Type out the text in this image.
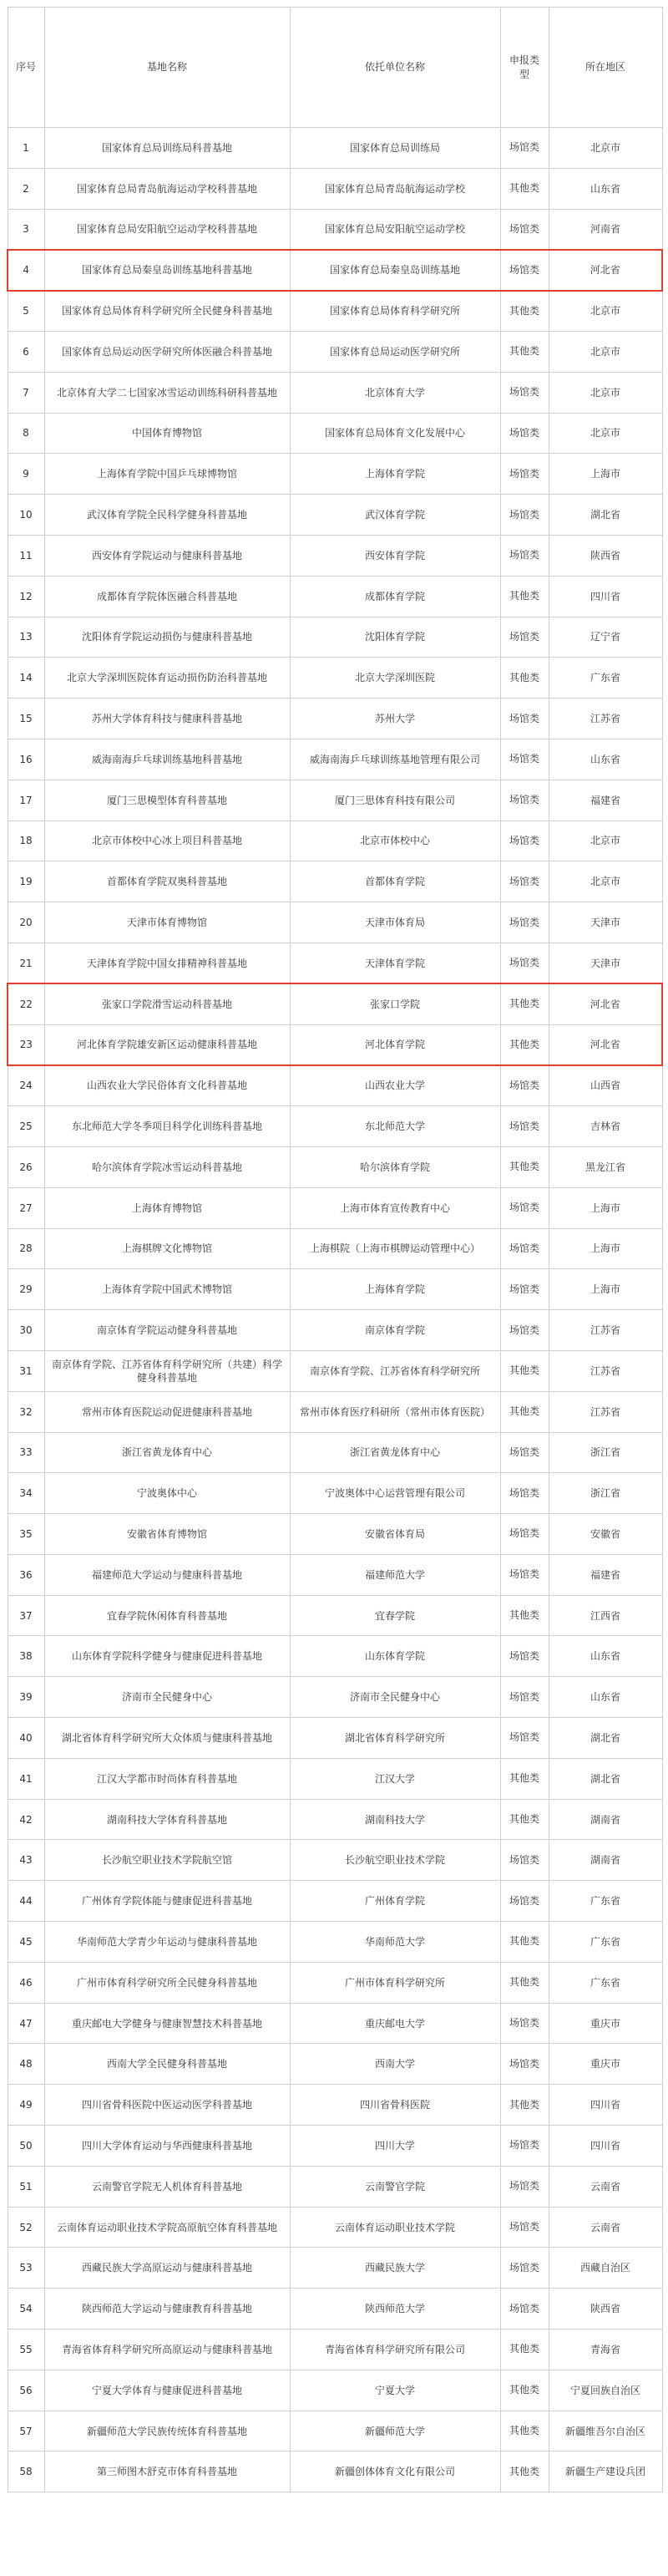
序号	基地名称	依托单位名称	申报类型	所在地区
1	国家体育总局训练局科普基地	国家体育总局训练局	场馆类	北京市
2	国家体育总局青岛航海运动学校科普基地	国家体育总局青岛航海运动学校	其他类	山东省
3	国家体育总局安阳航空运动学校科普基地	国家体育总局安阳航空运动学校	场馆类	河南省
4	国家体育总局秦皇岛训练基地科普基地	国家体育总局秦皇岛训练基地	场馆类	河北省
5	国家体育总局体育科学研究所全民健身科普基地	国家体育总局体育科学研究所	其他类	北京市
6	国家体育总局运动医学研究所体医融合科普基地	国家体育总局运动医学研究所	其他类	北京市
7	北京体育大学二七国家冰雪运动训练科研科普基地	北京体育大学	场馆类	北京市
8	中国体育博物馆	国家体育总局体育文化发展中心	场馆类	北京市
9	上海体育学院中国乒乓球博物馆	上海体育学院	场馆类	上海市
10	武汉体育学院全民科学健身科普基地	武汉体育学院	场馆类	湖北省
11	西安体育学院运动与健康科普基地	西安体育学院	场馆类	陕西省
12	成都体育学院体医融合科普基地	成都体育学院	其他类	四川省
13	沈阳体育学院运动损伤与健康科普基地	沈阳体育学院	场馆类	辽宁省
14	北京大学深圳医院体育运动损伤防治科普基地	北京大学深圳医院	其他类	广东省
15	苏州大学体育科技与健康科普基地	苏州大学	场馆类	江苏省
16	威海南海乒乓球训练基地科普基地	威海南海乒乓球训练基地管理有限公司	场馆类	山东省
17	厦门三思模型体育科普基地	厦门三思体育科技有限公司	场馆类	福建省
18	北京市体校中心冰上项目科普基地	北京市体校中心	场馆类	北京市
19	首都体育学院双奥科普基地	首都体育学院	场馆类	北京市
20	天津市体育博物馆	天津市体育局	场馆类	天津市
21	天津体育学院中国女排精神科普基地	天津体育学院	场馆类	天津市
22	张家口学院滑雪运动科普基地	张家口学院	其他类	河北省
23	河北体育学院雄安新区运动健康科普基地	河北体育学院	其他类	河北省
24	山西农业大学民俗体育文化科普基地	山西农业大学	场馆类	山西省
25	东北师范大学冬季项目科学化训练科普基地	东北师范大学	场馆类	吉林省
26	哈尔滨体育学院冰雪运动科普基地	哈尔滨体育学院	其他类	黑龙江省
27	上海体育博物馆	上海市体育宣传教育中心	场馆类	上海市
28	上海棋牌文化博物馆	上海棋院（上海市棋牌运动管理中心）	场馆类	上海市
29	上海体育学院中国武术博物馆	上海体育学院	场馆类	上海市
30	南京体育学院运动健身科普基地	南京体育学院	场馆类	江苏省
31	南京体育学院、江苏省体育科学研究所（共建）科学健身科普基地	南京体育学院、江苏省体育科学研究所	其他类	江苏省
32	常州市体育医院运动促进健康科普基地	常州市体育医疗科研所（常州市体育医院）	其他类	江苏省
33	浙江省黄龙体育中心	浙江省黄龙体育中心	场馆类	浙江省
34	宁波奥体中心	宁波奥体中心运营管理有限公司	场馆类	浙江省
35	安徽省体育博物馆	安徽省体育局	场馆类	安徽省
36	福建师范大学运动与健康科普基地	福建师范大学	场馆类	福建省
37	宜春学院休闲体育科普基地	宜春学院	其他类	江西省
38	山东体育学院科学健身与健康促进科普基地	山东体育学院	场馆类	山东省
39	济南市全民健身中心	济南市全民健身中心	场馆类	山东省
40	湖北省体育科学研究所大众体质与健康科普基地	湖北省体育科学研究所	场馆类	湖北省
41	江汉大学都市时尚体育科普基地	江汉大学	其他类	湖北省
42	湖南科技大学体育科普基地	湖南科技大学	其他类	湖南省
43	长沙航空职业技术学院航空馆	长沙航空职业技术学院	场馆类	湖南省
44	广州体育学院体能与健康促进科普基地	广州体育学院	场馆类	广东省
45	华南师范大学青少年运动与健康科普基地	华南师范大学	其他类	广东省
46	广州市体育科学研究所全民健身科普基地	广州市体育科学研究所	其他类	广东省
47	重庆邮电大学健身与健康智慧技术科普基地	重庆邮电大学	场馆类	重庆市
48	西南大学全民健身科普基地	西南大学	场馆类	重庆市
49	四川省骨科医院中医运动医学科普基地	四川省骨科医院	其他类	四川省
50	四川大学体育运动与华西健康科普基地	四川大学	场馆类	四川省
51	云南警官学院无人机体育科普基地	云南警官学院	场馆类	云南省
52	云南体育运动职业技术学院高原航空体育科普基地	云南体育运动职业技术学院	场馆类	云南省
53	西藏民族大学高原运动与健康科普基地	西藏民族大学	场馆类	西藏自治区
54	陕西师范大学运动与健康教育科普基地	陕西师范大学	场馆类	陕西省
55	青海省体育科学研究所高原运动与健康科普基地	青海省体育科学研究所有限公司	其他类	青海省
56	宁夏大学体育与健康促进科普基地	宁夏大学	其他类	宁夏回族自治区
57	新疆师范大学民族传统体育科普基地	新疆师范大学	其他类	新疆维吾尔自治区
58	第三师图木舒克市体育科普基地	新疆创体体育文化有限公司	其他类	新疆生产建设兵团
